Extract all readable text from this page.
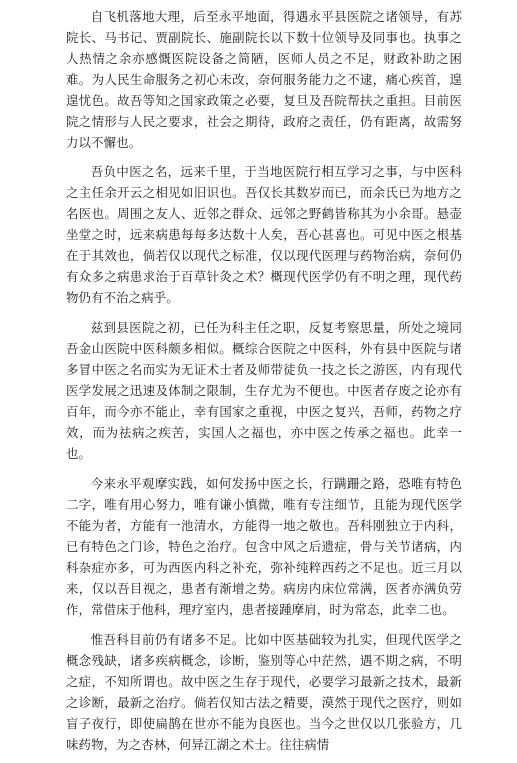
自飞机落地大理，后至永平地面，得遇永平县医院之诸领导，有苏院长、马书记、贾副院长、施副院长以下数十位领导及同事也。执事之人热情之余亦感慨医院设备之简陋，医师人员之不足，财政补助之困难。为人民生命服务之初心未改，奈何服务能力之不逮，痛心疾首，遑遑忧色。故吾等知之国家政策之必要，复旦及吾院帮扶之重担。目前医院之情形与人民之要求，社会之期待，政府之责任，仍有距离，故需努力以不懈也。

吾负中医之名，远来千里，于当地医院行相互学习之事，与中医科之主任余开云之相见如旧识也。吾仅长其数岁而已，而余氏已为地方之名医也。周围之友人、近邻之群众、远邻之野鹤皆称其为小余哥。悬壶坐堂之时，远来病患每每多达数十人矣，吾心甚喜也。可见中医之根基在于其效也，倘若仅以现代之标准，仅以现代医理与药物治病，奈何仍有众多之病患求治于百草针灸之术？概现代医学仍有不明之理，现代药物仍有不治之病乎。

兹到县医院之初，已任为科主任之职，反复考察思量，所处之境同吾金山医院中医科颇多相似。概综合医院之中医科，外有县中医院与诸多冒中医之名而实为无证术士者及师带徒负一技之长之游医，内有现代医学发展之迅速及体制之限制，生存尤为不便也。中医者存废之论亦有百年，而今亦不能止，幸有国家之重视，中医之复兴，吾师，药物之疗效，而为祛病之疾苦，实国人之福也，亦中医之传承之福也。此幸一也。

今来永平观摩实践，如何发扬中医之长，行蹒跚之路，恐唯有特色二字，唯有用心努力，唯有谦小慎微，唯有专注细节，且能为现代医学不能为者，方能有一池清水，方能得一地之敬也。吾科刚独立于内科，已有特色之门诊，特色之治疗。包含中风之后遗症，骨与关节诸病，内科杂症亦多，可为西医内科之补充，弥补纯粹西药之不足也。近三月以来，仅以吾目视之，患者有渐增之势。病房内床位常满，医者亦满负劳作，常借床于他科，理疗室内，患者接踵摩肩，时为常态，此幸二也。

惟吾科目前仍有诸多不足。比如中医基础较为扎实，但现代医学之概念残缺，诸多疾病概念，诊断，鉴别等心中茫然，遇不期之病，不明之症，不知所谓也。故中医之生存于现代，必要学习最新之技术，最新之诊断，最新之治疗。倘若仅知古法之精要，漠然于现代之医疗，则如盲子夜行，即使扁鹊在世亦不能为良医也。当今之世仅以几张验方，几味药物，为之杏林，何异江湖之术士。往往病情
